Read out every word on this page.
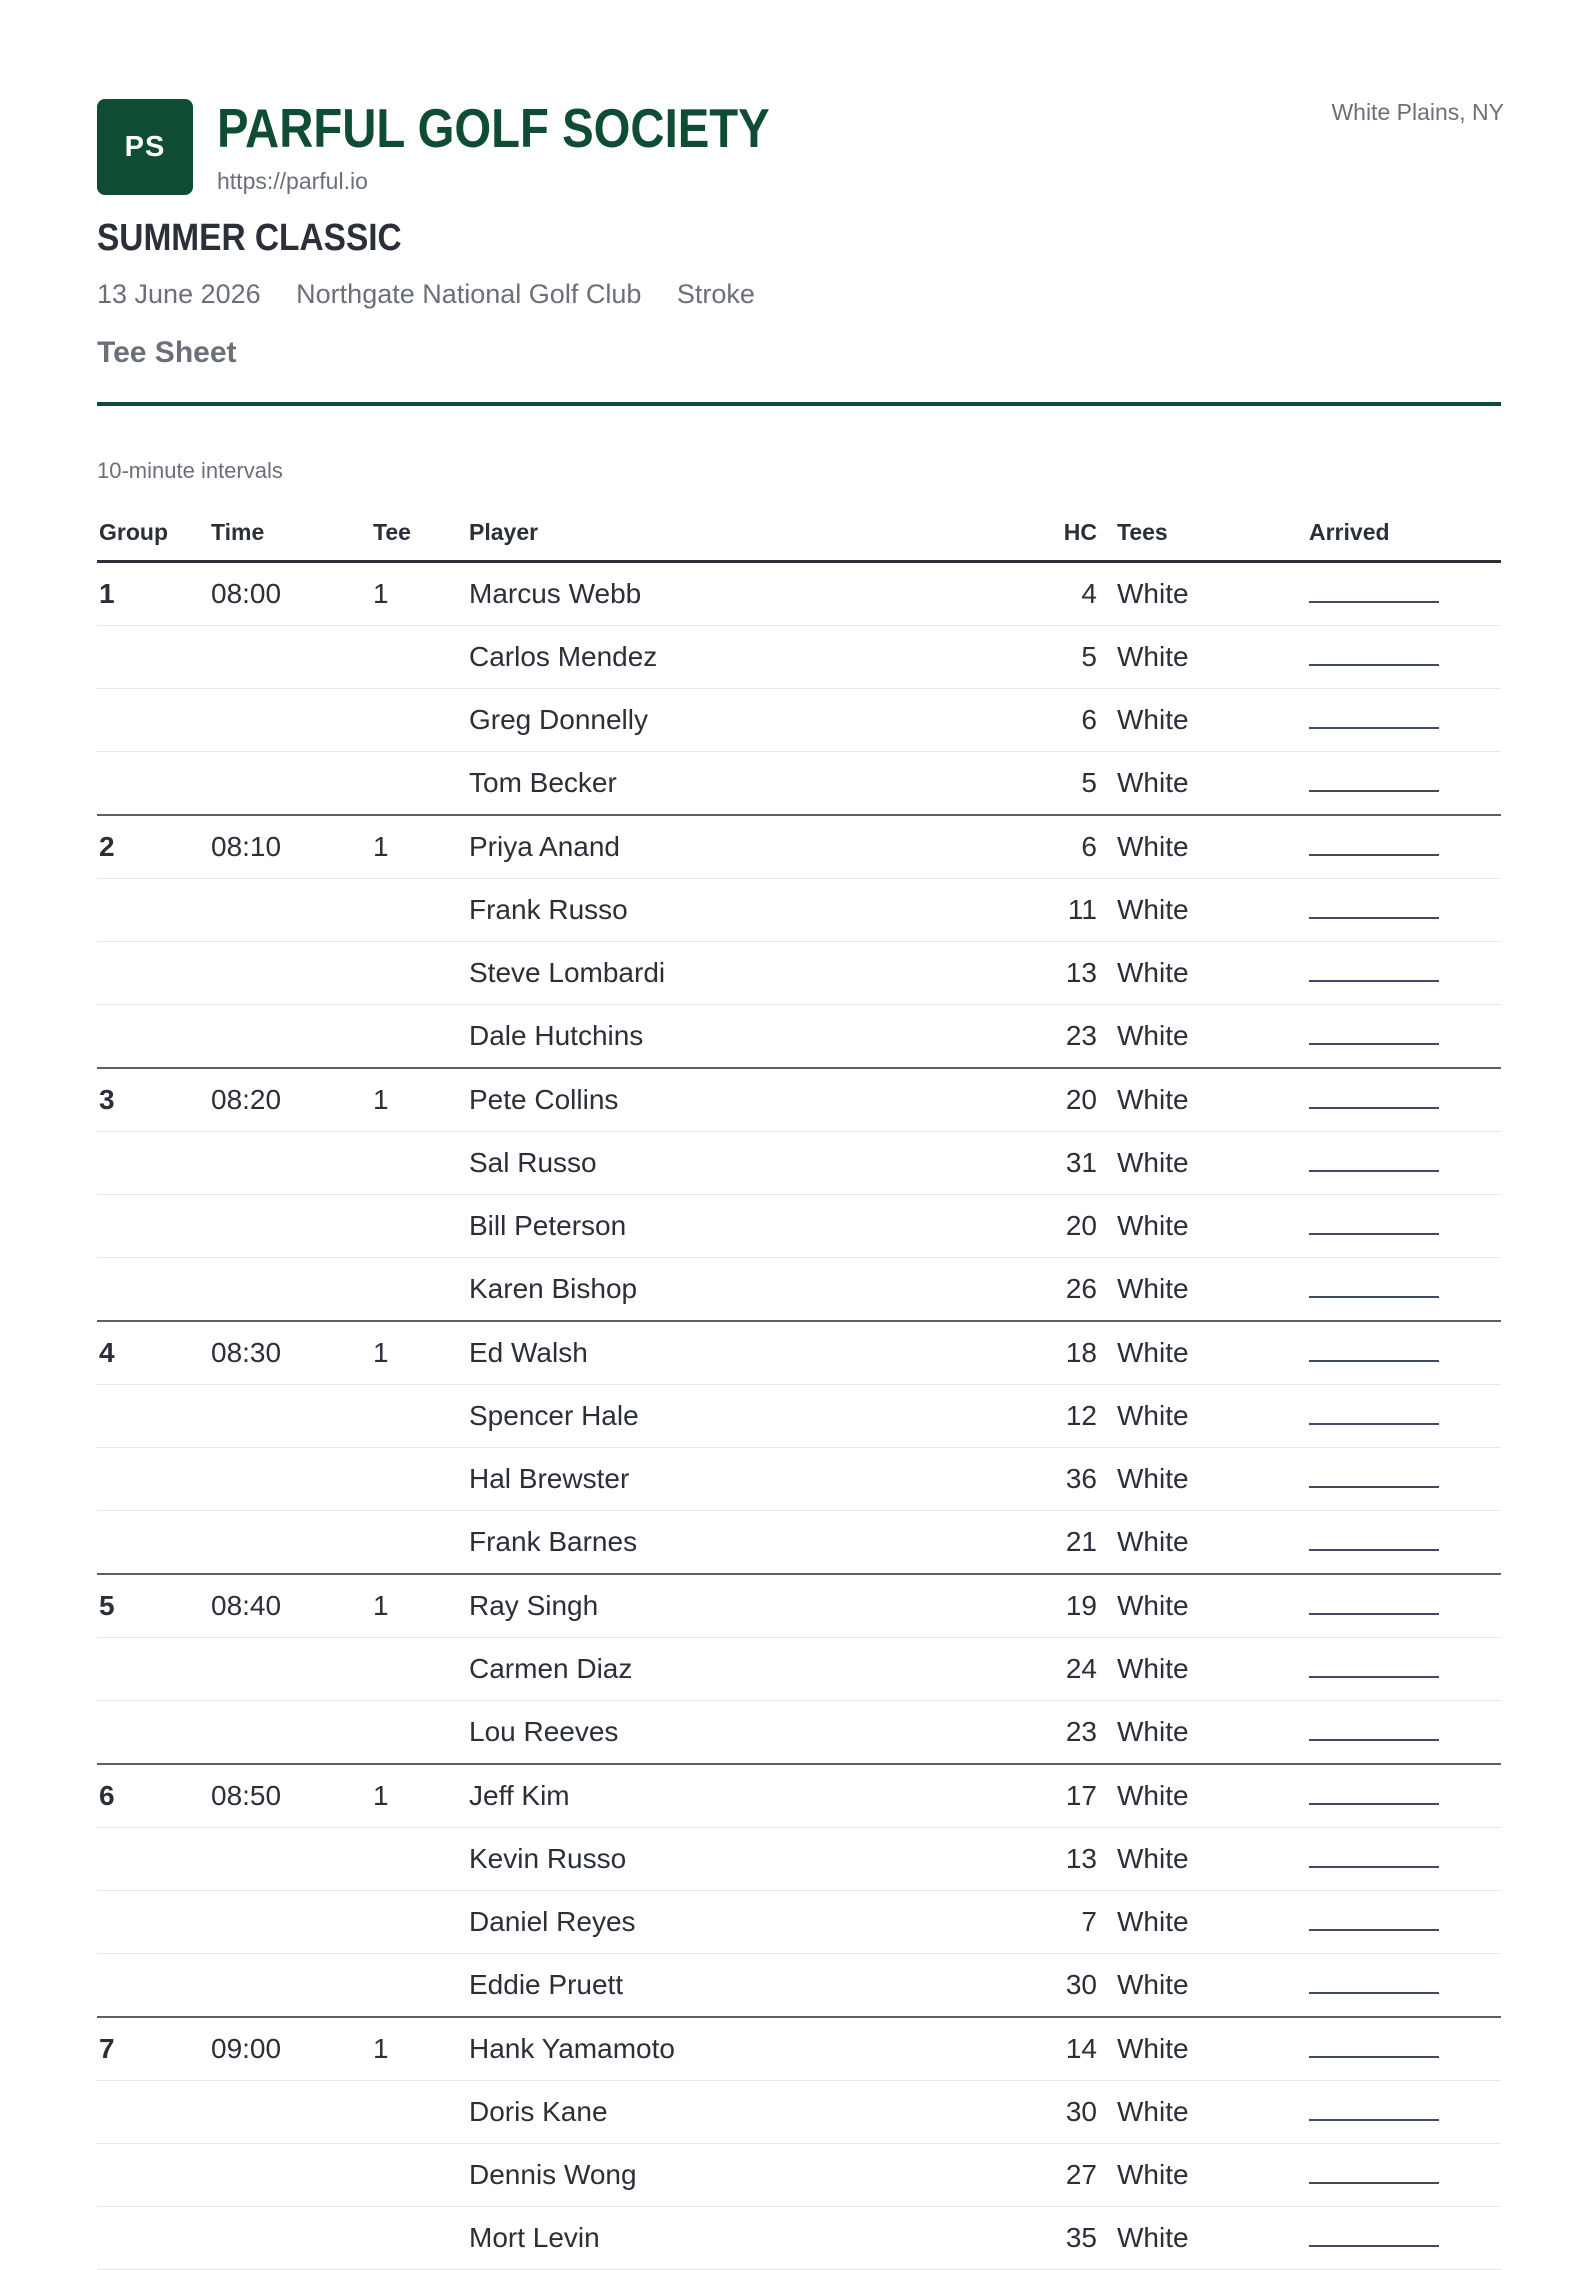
PS PARFUL GOLF SOCIETY
https://parful.io
White Plains, NY
SUMMER CLASSIC
13 June 2026 Northgate National Golf Club Stroke
Tee Sheet
10-minute intervals
Group Time	Tee	Player	HC Tees	Arrived
1	08:00	1	Marcus Webb	4 White
Carlos Mendez	5 White
Greg Donnelly	6 White
Tom Becker	5 White
2	08:10	1	Priya Anand	6 White
Frank Russo	11 White
Steve Lombardi	13 White
Dale Hutchins	23 White
3	08:20	1	Pete Collins	20 White
Sal Russo	31 White
Bill Peterson	20 White
Karen Bishop	26 White
4	08:30	1	Ed Walsh	18 White
Spencer Hale	12 White
Hal Brewster	36 White
Frank Barnes	21 White
5	08:40	1	Ray Singh	19 White
Carmen Diaz	24 White
Lou Reeves	23 White
6	08:50	1	Jeff Kim	17 White
Kevin Russo	13 White
Daniel Reyes	7 White
Eddie Pruett	30 White
7	09:00	1	Hank Yamamoto	14 White
Doris Kane	30 White
Dennis Wong	27 White
Mort Levin	35 White
